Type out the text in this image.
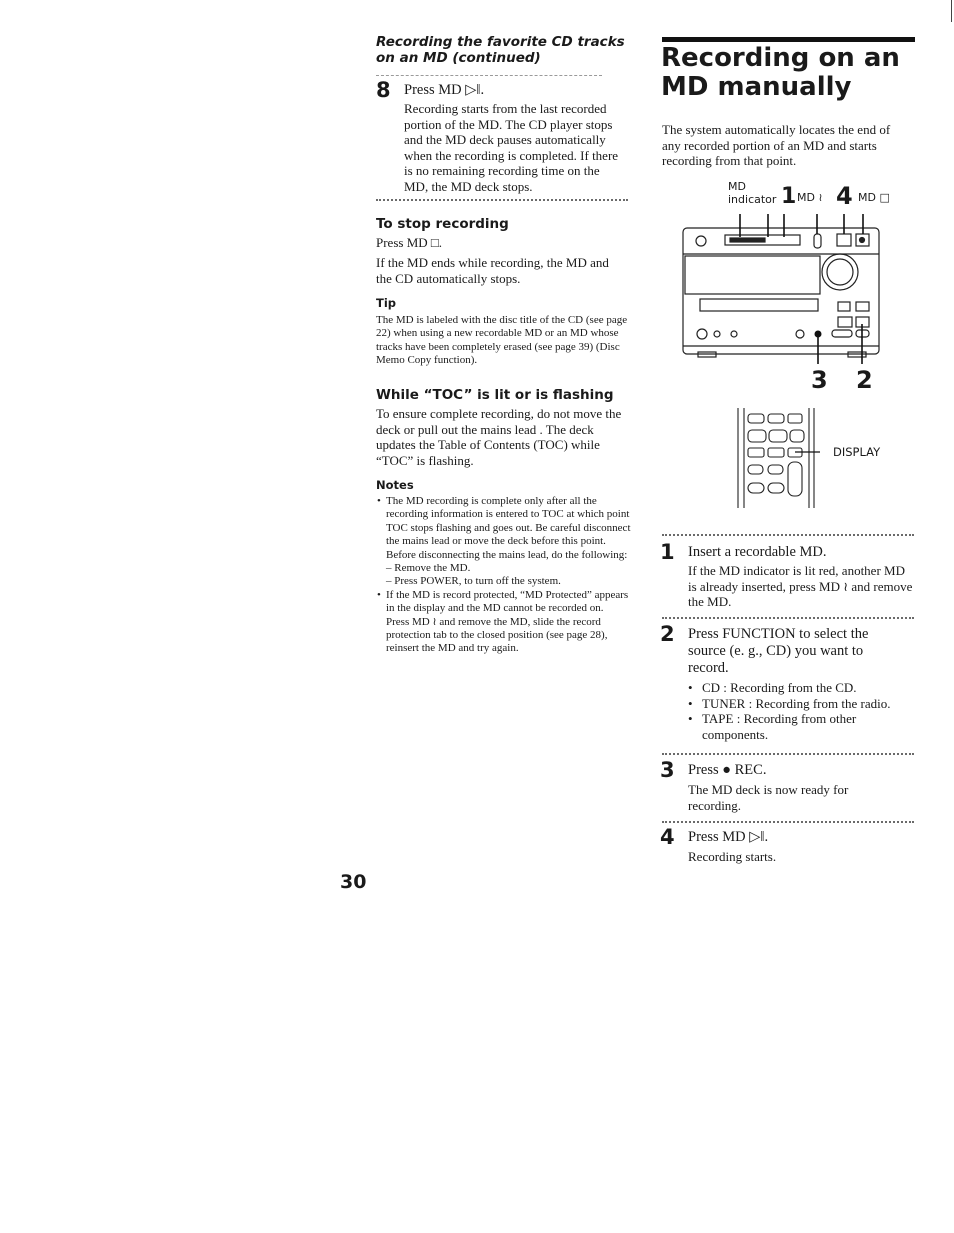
Recording the favorite CD tracks on an MD (continued)
8 Press MD ▷‖.
Recording starts from the last recorded portion of the MD. The CD player stops and the MD deck pauses automatically when the recording is completed. If there is no remaining recording time on the MD, the MD deck stops.
To stop recording
Press MD □.
If the MD ends while recording, the MD and the CD automatically stops.
Tip
The MD is labeled with the disc title of the CD (see page 22) when using a new recordable MD or an MD whose tracks have been completely erased (see page 39) (Disc Memo Copy function).
While “TOC” is lit or is flashing
To ensure complete recording, do not move the deck or pull out the mains lead . The deck updates the Table of Contents (TOC) while “TOC” is flashing.
Notes
• The MD recording is complete only after all the recording information is entered to TOC at which point TOC stops flashing and goes out. Be careful disconnect the mains lead or move the deck before this point. Before disconnecting the mains lead, do the following:
– Remove the MD.
– Press POWER, to turn off the system.
• If the MD is record protected, “MD Protected” appears in the display and the MD cannot be recorded on.
Press MD ≀ and remove the MD, slide the record protection tab to the closed position (see page 28), reinsert the MD and try again.
30
Recording on an
MD manually
The system automatically locates the end of any recorded portion of an MD and starts recording from that point.
MD
indicator 1 MD ≀ 4 MD □
3 2
DISPLAY
1 Insert a recordable MD.
If the MD indicator is lit red, another MD is already inserted, press MD ≀ and remove the MD.
2 Press FUNCTION to select the source (e. g., CD) you want to record.
• CD : Recording from the CD.
• TUNER : Recording from the radio.
• TAPE : Recording from other components.
3 Press ● REC.
The MD deck is now ready for recording.
4 Press MD ▷‖.
Recording starts.
